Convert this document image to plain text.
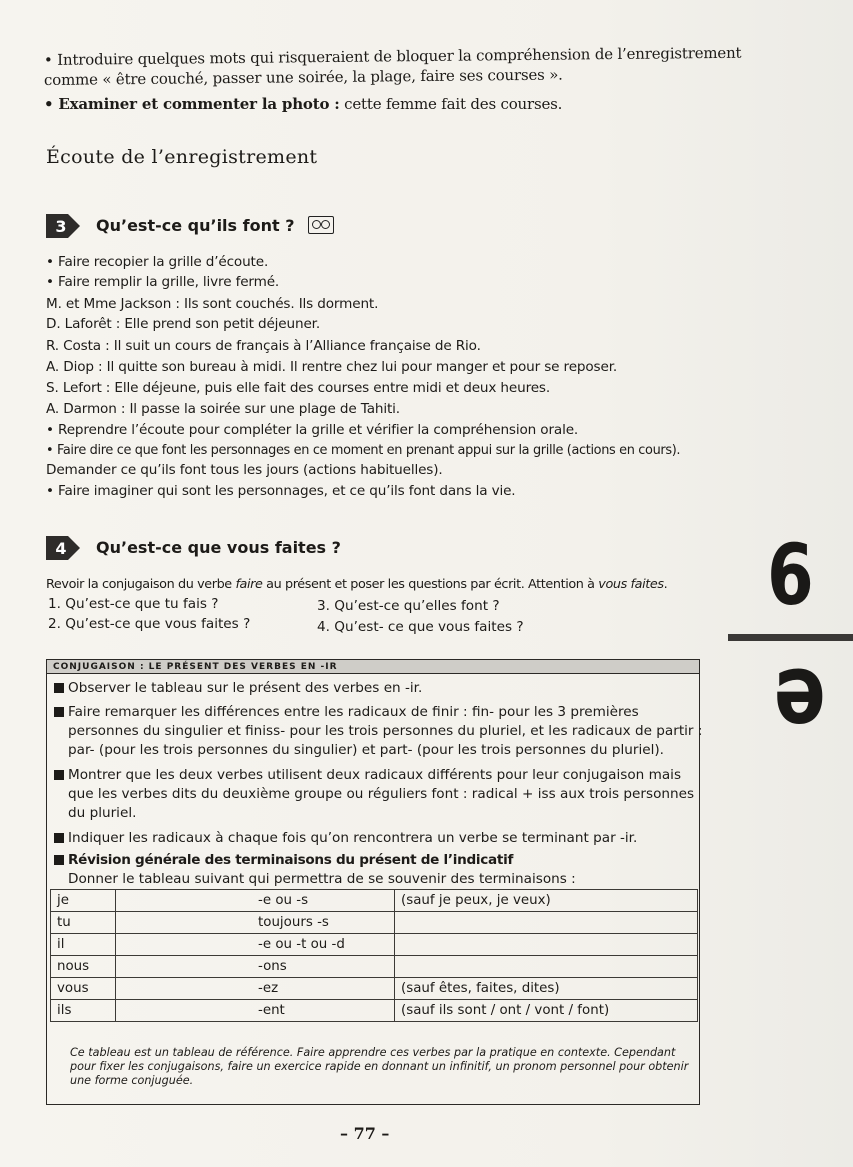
• Introduire quelques mots qui risqueraient de bloquer la compréhension de l’enregistrement
comme « être couché, passer une soirée, la plage, faire ses courses ».
• Examiner et commenter la photo : cette femme fait des courses.
Écoute de l’enregistrement
3 Qu’est-ce qu’ils font ?
• Faire recopier la grille d’écoute.
• Faire remplir la grille, livre fermé.
M. et Mme Jackson : Ils sont couchés. Ils dorment.
D. Laforêt : Elle prend son petit déjeuner.
R. Costa : Il suit un cours de français à l’Alliance française de Rio.
A. Diop : Il quitte son bureau à midi. Il rentre chez lui pour manger et pour se reposer.
S. Lefort : Elle déjeune, puis elle fait des courses entre midi et deux heures.
A. Darmon : Il passe la soirée sur une plage de Tahiti.
• Reprendre l’écoute pour compléter la grille et vérifier la compréhension orale.
• Faire dire ce que font les personnages en ce moment en prenant appui sur la grille (actions en cours).
Demander ce qu’ils font tous les jours (actions habituelles).
• Faire imaginer qui sont les personnages, et ce qu’ils font dans la vie.
4 Qu’est-ce que vous faites ?
Revoir la conjugaison du verbe faire au présent et poser les questions par écrit. Attention à vous faites.
1. Qu’est-ce que tu fais ?	3. Qu’est-ce qu’elles font ?
2. Qu’est-ce que vous faites ?	4. Qu’est- ce que vous faites ?
CONJUGAISON : LE PRÉSENT DES VERBES EN -IR
Observer le tableau sur le présent des verbes en -ir.
Faire remarquer les différences entre les radicaux de finir : fin- pour les 3 premières personnes du singulier et finiss- pour les trois personnes du pluriel, et les radicaux de partir : par- (pour les trois personnes du singulier) et part- (pour les trois personnes du pluriel).
Montrer que les deux verbes utilisent deux radicaux différents pour leur conjugaison mais que les verbes dits du deuxième groupe ou réguliers font : radical + iss aux trois personnes du pluriel.
Indiquer les radicaux à chaque fois qu’on rencontrera un verbe se terminant par -ir.
Révision générale des terminaisons du présent de l’indicatif
Donner le tableau suivant qui permettra de se souvenir des terminaisons :
je		-e ou -s	(sauf je peux, je veux)
tu		toujours -s	
il		-e ou -t ou -d	
nous		-ons	
vous		-ez	(sauf êtes, faites, dites)
ils		-ent	(sauf ils sont / ont / vont / font)
Ce tableau est un tableau de référence. Faire apprendre ces verbes par la pratique en contexte. Cependant pour fixer les conjugaisons, faire un exercice rapide en donnant un infinitif, un pronom personnel pour obtenir une forme conjuguée.
– 77 –
6
e
